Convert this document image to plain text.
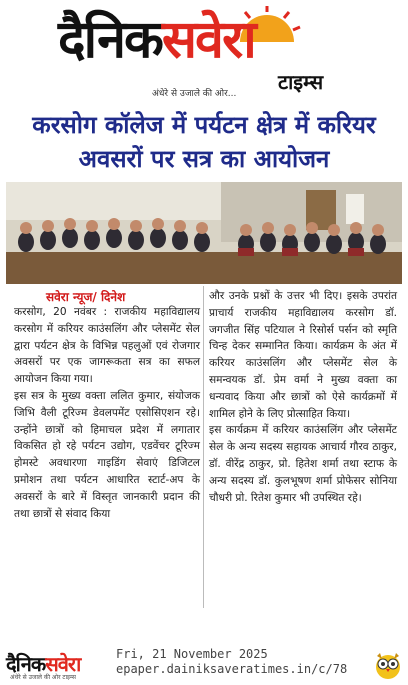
दैनिकसवेरा
टाइम्स
अंधेरे से उजाले की ओर...
करसोग कॉलेज में पर्यटन क्षेत्र में करियर अवसरों पर सत्र का आयोजन
सवेरा न्यूज/ दिनेश

करसोग, 20 नवंबर : राजकीय महाविद्यालय करसोग में करियर काउंसलिंग और प्लेसमेंट सेल द्वारा पर्यटन क्षेत्र के विभिन्न पहलुओं एवं रोजगार अवसरों पर एक जागरूकता सत्र का सफल आयोजन किया गया।

इस सत्र के मुख्य वक्ता ललित कुमार, संयोजक जिभि वैली टूरिज्म डेवलपमेंट एसोसिएशन रहे। उन्होंने छात्रों को हिमाचल प्रदेश में लगातार विकसित हो रहे पर्यटन उद्योग, एडवेंचर टूरिज्म होमस्टे अवधारणा गाइडिंग सेवाएं डिजिटल प्रमोशन तथा पर्यटन आधारित स्टार्ट-अप के अवसरों के बारे में विस्तृत जानकारी प्रदान की तथा छात्रों से संवाद किया

और उनके प्रश्नों के उत्तर भी दिए। इसके उपरांत प्राचार्य राजकीय महाविद्यालय करसोग डॉ. जगजीत सिंह पटियाल ने रिसोर्स पर्सन को स्मृति चिन्ह देकर सम्मानित किया। कार्यक्रम के अंत में करियर काउंसलिंग और प्लेसमेंट सेल के समन्वयक डॉ. प्रेम वर्मा ने मुख्य वक्ता का धन्यवाद किया और छात्रों को ऐसे कार्यक्रमों में शामिल होने के लिए प्रोत्साहित किया।

इस कार्यक्रम में करियर काउंसलिंग और प्लेसमेंट सेल के अन्य सदस्य सहायक आचार्य गौरव ठाकुर, डॉ. वीरेंद्र ठाकुर, प्रो. हितेश शर्मा तथा स्टाफ के अन्य सदस्य डॉ. कुलभूषण शर्मा प्रोफेसर सोनिया चौधरी प्रो. रितेश कुमार भी उपस्थित रहे।

दैनिकसवेरा
अंधेरे से उजाले की ओर टाइम्स
Fri, 21 November 2025
epaper.dainiksaveratimes.in/c/78
